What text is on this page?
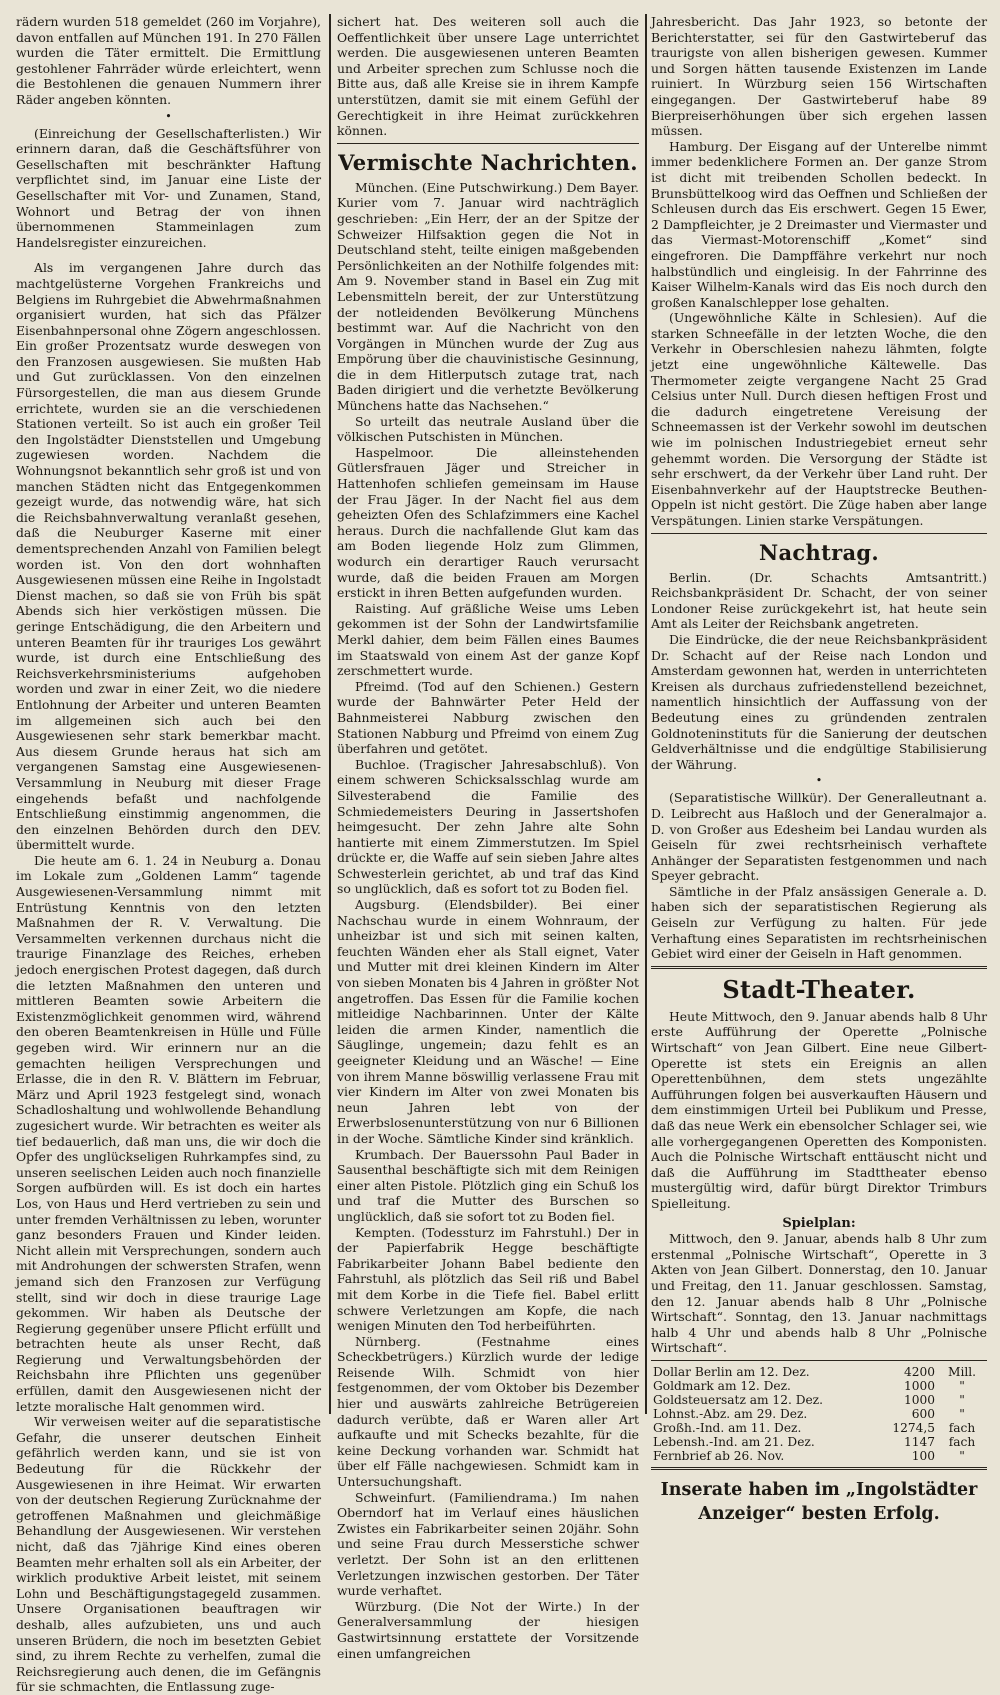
rädern wurden 518 gemeldet (260 im Vorjahre), davon entfallen auf München 191. In 270 Fällen wurden die Täter ermittelt. Die Ermittlung gestohlener Fahrräder würde erleichtert, wenn die Bestohlenen die genauen Nummern ihrer Räder angeben könnten.

•

(Einreichung der Gesellschafterlisten.) Wir erinnern daran, daß die Geschäftsführer von Gesellschaften mit beschränkter Haftung verpflichtet sind, im Januar eine Liste der Gesellschafter mit Vor- und Zunamen, Stand, Wohnort und Betrag der von ihnen übernommenen Stammeinlagen zum Handelsregister einzureichen.

Als im vergangenen Jahre durch das machtgelüsterne Vorgehen Frankreichs und Belgiens im Ruhrgebiet die Abwehrmaßnahmen organisiert wurden, hat sich das Pfälzer Eisenbahnpersonal ohne Zögern angeschlossen. Ein großer Prozentsatz wurde deswegen von den Franzosen ausgewiesen. Sie mußten Hab und Gut zurücklassen. Von den einzelnen Fürsorgestellen, die man aus diesem Grunde errichtete, wurden sie an die verschiedenen Stationen verteilt. So ist auch ein großer Teil den Ingolstädter Dienststellen und Umgebung zugewiesen worden. Nachdem die Wohnungsnot bekanntlich sehr groß ist und von manchen Städten nicht das Entgegenkommen gezeigt wurde, das notwendig wäre, hat sich die Reichsbahnverwaltung veranlaßt gesehen, daß die Neuburger Kaserne mit einer dementsprechenden Anzahl von Familien belegt worden ist. Von den dort wohnhaften Ausgewiesenen müssen eine Reihe in Ingolstadt Dienst machen, so daß sie von Früh bis spät Abends sich hier verköstigen müssen. Die geringe Entschädigung, die den Arbeitern und unteren Beamten für ihr trauriges Los gewährt wurde, ist durch eine Entschließung des Reichsverkehrsministeriums aufgehoben worden und zwar in einer Zeit, wo die niedere Entlohnung der Arbeiter und unteren Beamten im allgemeinen sich auch bei den Ausgewiesenen sehr stark bemerkbar macht. Aus diesem Grunde heraus hat sich am vergangenen Samstag eine Ausgewiesenen-Versammlung in Neuburg mit dieser Frage eingehends befaßt und nachfolgende Entschließung einstimmig angenommen, die den einzelnen Behörden durch den DEV. übermittelt wurde.

Die heute am 6. 1. 24 in Neuburg a. Donau im Lokale zum „Goldenen Lamm“ tagende Ausgewiesenen-Versammlung nimmt mit Entrüstung Kenntnis von den letzten Maßnahmen der R. V. Verwaltung. Die Versammelten verkennen durchaus nicht die traurige Finanzlage des Reiches, erheben jedoch energischen Protest dagegen, daß durch die letzten Maßnahmen den unteren und mittleren Beamten sowie Arbeitern die Existenzmöglichkeit genommen wird, während den oberen Beamtenkreisen in Hülle und Fülle gegeben wird. Wir erinnern nur an die gemachten heiligen Versprechungen und Erlasse, die in den R. V. Blättern im Februar, März und April 1923 festgelegt sind, wonach Schadloshaltung und wohlwollende Behandlung zugesichert wurde. Wir betrachten es weiter als tief bedauerlich, daß man uns, die wir doch die Opfer des unglückseligen Ruhrkampfes sind, zu unseren seelischen Leiden auch noch finanzielle Sorgen aufbürden will. Es ist doch ein hartes Los, von Haus und Herd vertrieben zu sein und unter fremden Verhältnissen zu leben, worunter ganz besonders Frauen und Kinder leiden. Nicht allein mit Versprechungen, sondern auch mit Androhungen der schwersten Strafen, wenn jemand sich den Franzosen zur Verfügung stellt, sind wir doch in diese traurige Lage gekommen. Wir haben als Deutsche der Regierung gegenüber unsere Pflicht erfüllt und betrachten heute als unser Recht, daß Regierung und Verwaltungsbehörden der Reichsbahn ihre Pflichten uns gegenüber erfüllen, damit den Ausgewiesenen nicht der letzte moralische Halt genommen wird.

Wir verweisen weiter auf die separatistische Gefahr, die unserer deutschen Einheit gefährlich werden kann, und sie ist von Bedeutung für die Rückkehr der Ausgewiesenen in ihre Heimat. Wir erwarten von der deutschen Regierung Zurücknahme der getroffenen Maßnahmen und gleichmäßige Behandlung der Ausgewiesenen. Wir verstehen nicht, daß das 7jährige Kind eines oberen Beamten mehr erhalten soll als ein Arbeiter, der wirklich produktive Arbeit leistet, mit seinem Lohn und Beschäftigungstagegeld zusammen. Unsere Organisationen beauftragen wir deshalb, alles aufzubieten, uns und auch unseren Brüdern, die noch im besetzten Gebiet sind, zu ihrem Rechte zu verhelfen, zumal die Reichsregierung auch denen, die im Gefängnis für sie schmachten, die Entlassung zuge-

sichert hat. Des weiteren soll auch die Oeffentlichkeit über unsere Lage unterrichtet werden. Die ausgewiesenen unteren Beamten und Arbeiter sprechen zum Schlusse noch die Bitte aus, daß alle Kreise sie in ihrem Kampfe unterstützen, damit sie mit einem Gefühl der Gerechtigkeit in ihre Heimat zurückkehren können.

Vermischte Nachrichten.

München. (Eine Putschwirkung.) Dem Bayer. Kurier vom 7. Januar wird nachträglich geschrieben: „Ein Herr, der an der Spitze der Schweizer Hilfsaktion gegen die Not in Deutschland steht, teilte einigen maßgebenden Persönlichkeiten an der Nothilfe folgendes mit: Am 9. November stand in Basel ein Zug mit Lebensmitteln bereit, der zur Unterstützung der notleidenden Bevölkerung Münchens bestimmt war. Auf die Nachricht von den Vorgängen in München wurde der Zug aus Empörung über die chauvinistische Gesinnung, die in dem Hitlerputsch zutage trat, nach Baden dirigiert und die verhetzte Bevölkerung Münchens hatte das Nachsehen.“

So urteilt das neutrale Ausland über die völkischen Putschisten in München.

Haspelmoor. Die alleinstehenden Gütlersfrauen Jäger und Streicher in Hattenhofen schliefen gemeinsam im Hause der Frau Jäger. In der Nacht fiel aus dem geheizten Ofen des Schlafzimmers eine Kachel heraus. Durch die nachfallende Glut kam das am Boden liegende Holz zum Glimmen, wodurch ein derartiger Rauch verursacht wurde, daß die beiden Frauen am Morgen erstickt in ihren Betten aufgefunden wurden.

Raisting. Auf gräßliche Weise ums Leben gekommen ist der Sohn der Landwirtsfamilie Merkl dahier, dem beim Fällen eines Baumes im Staatswald von einem Ast der ganze Kopf zerschmettert wurde.

Pfreimd. (Tod auf den Schienen.) Gestern wurde der Bahnwärter Peter Held der Bahnmeisterei Nabburg zwischen den Stationen Nabburg und Pfreimd von einem Zug überfahren und getötet.

Buchloe. (Tragischer Jahresabschluß). Von einem schweren Schicksalsschlag wurde am Silvesterabend die Familie des Schmiedemeisters Deuring in Jassertshofen heimgesucht. Der zehn Jahre alte Sohn hantierte mit einem Zimmerstutzen. Im Spiel drückte er, die Waffe auf sein sieben Jahre altes Schwesterlein gerichtet, ab und traf das Kind so unglücklich, daß es sofort tot zu Boden fiel.

Augsburg. (Elendsbilder). Bei einer Nachschau wurde in einem Wohnraum, der unheizbar ist und sich mit seinen kalten, feuchten Wänden eher als Stall eignet, Vater und Mutter mit drei kleinen Kindern im Alter von sieben Monaten bis 4 Jahren in größter Not angetroffen. Das Essen für die Familie kochen mitleidige Nachbarinnen. Unter der Kälte leiden die armen Kinder, namentlich die Säuglinge, ungemein; dazu fehlt es an geeigneter Kleidung und an Wäsche! — Eine von ihrem Manne böswillig verlassene Frau mit vier Kindern im Alter von zwei Monaten bis neun Jahren lebt von der Erwerbslosenunterstützung von nur 6 Billionen in der Woche. Sämtliche Kinder sind kränklich.

Krumbach. Der Bauerssohn Paul Bader in Sausenthal beschäftigte sich mit dem Reinigen einer alten Pistole. Plötzlich ging ein Schuß los und traf die Mutter des Burschen so unglücklich, daß sie sofort tot zu Boden fiel.

Kempten. (Todessturz im Fahrstuhl.) Der in der Papierfabrik Hegge beschäftigte Fabrikarbeiter Johann Babel bediente den Fahrstuhl, als plötzlich das Seil riß und Babel mit dem Korbe in die Tiefe fiel. Babel erlitt schwere Verletzungen am Kopfe, die nach wenigen Minuten den Tod herbeiführten.

Nürnberg. (Festnahme eines Scheckbetrügers.) Kürzlich wurde der ledige Reisende Wilh. Schmidt von hier festgenommen, der vom Oktober bis Dezember hier und auswärts zahlreiche Betrügereien dadurch verübte, daß er Waren aller Art aufkaufte und mit Schecks bezahlte, für die keine Deckung vorhanden war. Schmidt hat über elf Fälle nachgewiesen. Schmidt kam in Untersuchungshaft.

Schweinfurt. (Familiendrama.) Im nahen Oberndorf hat im Verlauf eines häuslichen Zwistes ein Fabrikarbeiter seinen 20jähr. Sohn und seine Frau durch Messerstiche schwer verletzt. Der Sohn ist an den erlittenen Verletzungen inzwischen gestorben. Der Täter wurde verhaftet.

Würzburg. (Die Not der Wirte.) In der Generalversammlung der hiesigen Gastwirtsinnung erstattete der Vorsitzende einen umfangreichen

Jahresbericht. Das Jahr 1923, so betonte der Berichterstatter, sei für den Gastwirteberuf das traurigste von allen bisherigen gewesen. Kummer und Sorgen hätten tausende Existenzen im Lande ruiniert. In Würzburg seien 156 Wirtschaften eingegangen. Der Gastwirteberuf habe 89 Bierpreiserhöhungen über sich ergehen lassen müssen.

Hamburg. Der Eisgang auf der Unterelbe nimmt immer bedenklichere Formen an. Der ganze Strom ist dicht mit treibenden Schollen bedeckt. In Brunsbüttelkoog wird das Oeffnen und Schließen der Schleusen durch das Eis erschwert. Gegen 15 Ewer, 2 Dampfleichter, je 2 Dreimaster und Viermaster und das Viermast-Motorenschiff „Komet“ sind eingefroren. Die Dampffähre verkehrt nur noch halbstündlich und eingleisig. In der Fahrrinne des Kaiser Wilhelm-Kanals wird das Eis noch durch den großen Kanalschlepper lose gehalten.

(Ungewöhnliche Kälte in Schlesien). Auf die starken Schneefälle in der letzten Woche, die den Verkehr in Oberschlesien nahezu lähmten, folgte jetzt eine ungewöhnliche Kältewelle. Das Thermometer zeigte vergangene Nacht 25 Grad Celsius unter Null. Durch diesen heftigen Frost und die dadurch eingetretene Vereisung der Schneemassen ist der Verkehr sowohl im deutschen wie im polnischen Industriegebiet erneut sehr gehemmt worden. Die Versorgung der Städte ist sehr erschwert, da der Verkehr über Land ruht. Der Eisenbahnverkehr auf der Hauptstrecke Beuthen-Oppeln ist nicht gestört. Die Züge haben aber lange Verspätungen. Linien starke Verspätungen.

Nachtrag.

Berlin. (Dr. Schachts Amtsantritt.) Reichsbankpräsident Dr. Schacht, der von seiner Londoner Reise zurückgekehrt ist, hat heute sein Amt als Leiter der Reichsbank angetreten.

Die Eindrücke, die der neue Reichsbankpräsident Dr. Schacht auf der Reise nach London und Amsterdam gewonnen hat, werden in unterrichteten Kreisen als durchaus zufriedenstellend bezeichnet, namentlich hinsichtlich der Auffassung von der Bedeutung eines zu gründenden zentralen Goldnoteninstituts für die Sanierung der deutschen Geldverhältnisse und die endgültige Stabilisierung der Währung.

•

(Separatistische Willkür). Der Generalleutnant a. D. Leibrecht aus Haßloch und der Generalmajor a. D. von Großer aus Edesheim bei Landau wurden als Geiseln für zwei rechtsrheinisch verhaftete Anhänger der Separatisten festgenommen und nach Speyer gebracht.

Sämtliche in der Pfalz ansässigen Generale a. D. haben sich der separatistischen Regierung als Geiseln zur Verfügung zu halten. Für jede Verhaftung eines Separatisten im rechtsrheinischen Gebiet wird einer der Geiseln in Haft genommen.

Stadt-Theater.

Heute Mittwoch, den 9. Januar abends halb 8 Uhr erste Aufführung der Operette „Polnische Wirtschaft“ von Jean Gilbert. Eine neue Gilbert-Operette ist stets ein Ereignis an allen Operettenbühnen, dem stets ungezählte Aufführungen folgen bei ausverkauften Häusern und dem einstimmigen Urteil bei Publikum und Presse, daß das neue Werk ein ebensolcher Schlager sei, wie alle vorhergegangenen Operetten des Komponisten. Auch die Polnische Wirtschaft enttäuscht nicht und daß die Aufführung im Stadttheater ebenso mustergültig wird, dafür bürgt Direktor Trimburs Spielleitung.

Spielplan:

Mittwoch, den 9. Januar, abends halb 8 Uhr zum erstenmal „Polnische Wirtschaft“, Operette in 3 Akten von Jean Gilbert. Donnerstag, den 10. Januar und Freitag, den 11. Januar geschlossen. Samstag, den 12. Januar abends halb 8 Uhr „Polnische Wirtschaft“. Sonntag, den 13. Januar nachmittags halb 4 Uhr und abends halb 8 Uhr „Polnische Wirtschaft“.

Dollar Berlin am 12. Dez.	4200	Mill.
Goldmark am 12. Dez.	1000	"
Goldsteuersatz am 12. Dez.	1000	"
Lohnst.-Abz. am 29. Dez.	600	"
Großh.-Ind. am 11. Dez.	1274,5	fach
Lebensh.-Ind. am 21. Dez.	1147	fach
Fernbrief ab 26. Nov.	100	"
Inserate haben im „Ingolstädter
Anzeiger“ besten Erfolg.
